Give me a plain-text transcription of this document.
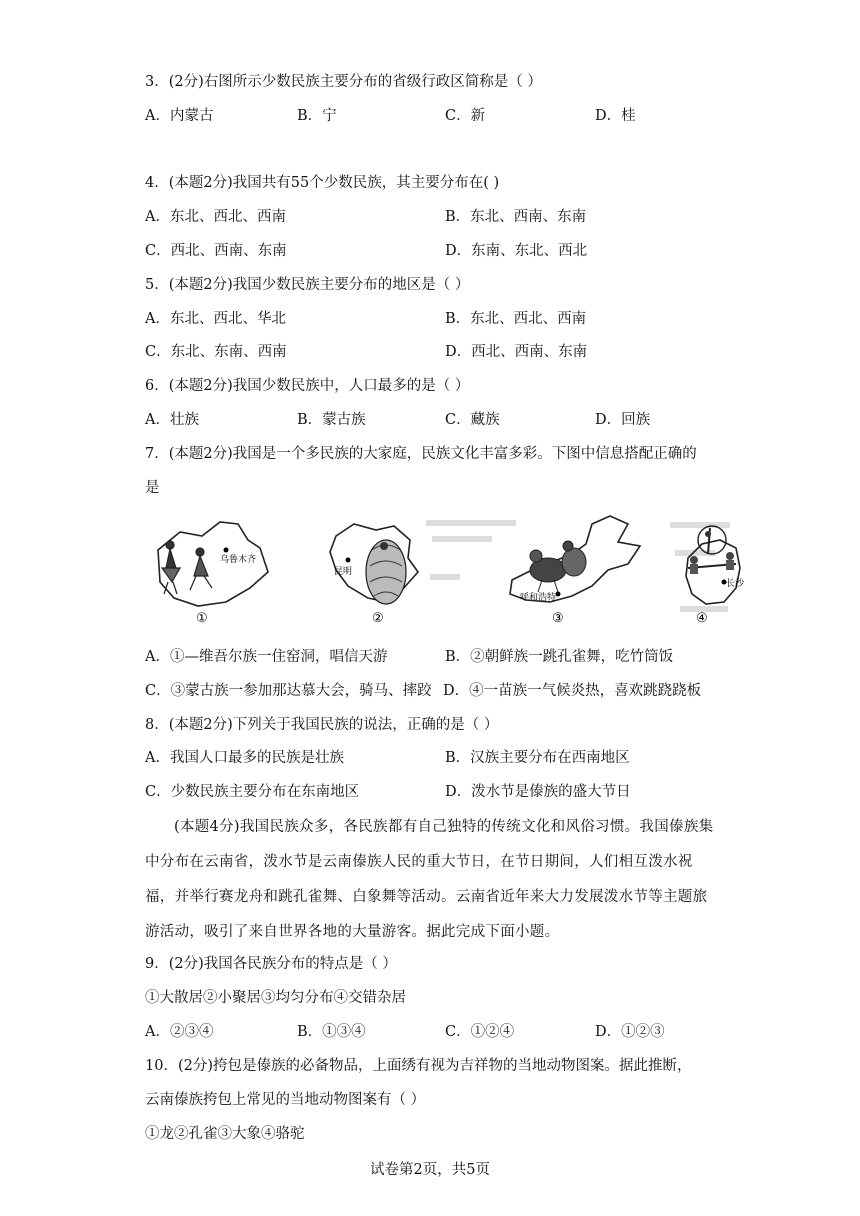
3．(2分)右图所示少数民族主要分布的省级行政区简称是（ ）
A．内蒙古	B．宁	C．新	D．桂
4．(本题2分)我国共有55个少数民族，其主要分布在( )
A．东北、西北、西南	B．东北、西南、东南
C．西北、西南、东南	D．东南、东北、西北
5．(本题2分)我国少数民族主要分布的地区是（ ）
A．东北、西北、华北	B．东北、西北、西南
C．东北、东南、西南	D．西北、西南、东南
6．(本题2分)我国少数民族中，人口最多的是（ ）
A．壮族	B．蒙古族	C．藏族	D．回族
7．(本题2分)我国是一个多民族的大家庭，民族文化丰富多彩。下图中信息搭配正确的
是
乌鲁木齐
①
昆明
②
呼和浩特
③
长沙
④
A．①—维吾尔族一住窑洞，唱信天游	B．②朝鲜族一跳孔雀舞，吃竹筒饭
C．③蒙古族一参加那达慕大会，骑马、摔跤 D．④一苗族一气候炎热，喜欢跳跷跷板
8．(本题2分)下列关于我国民族的说法，正确的是（ ）
A．我国人口最多的民族是壮族	B．汉族主要分布在西南地区
C．少数民族主要分布在东南地区	D．泼水节是傣族的盛大节日
(本题4分)我国民族众多，各民族都有自己独特的传统文化和风俗习惯。我国傣族集中分布在云南省，泼水节是云南傣族人民的重大节日，在节日期间，人们相互泼水祝福，并举行赛龙舟和跳孔雀舞、白象舞等活动。云南省近年来大力发展泼水节等主题旅游活动，吸引了来自世界各地的大量游客。据此完成下面小题。
9．(2分)我国各民族分布的特点是（ ）
①大散居②小聚居③均匀分布④交错杂居
A．②③④	B．①③④	C．①②④	D．①②③
10．(2分)挎包是傣族的必备物品，上面绣有视为吉祥物的当地动物图案。据此推断，
云南傣族挎包上常见的当地动物图案有（ ）
①龙②孔雀③大象④骆驼
试卷第2页，共5页
